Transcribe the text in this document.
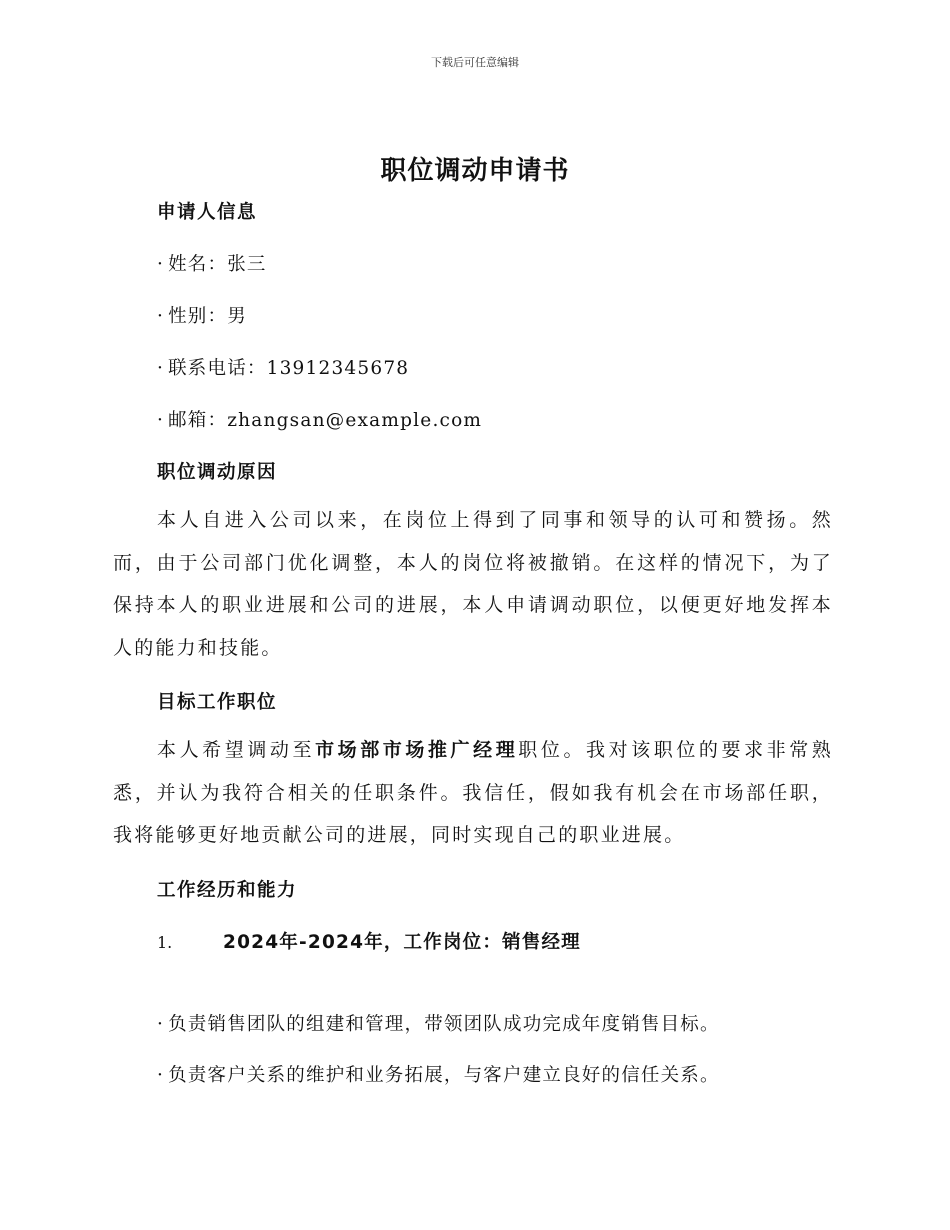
下载后可任意编辑
职位调动申请书
申请人信息

· 姓名：张三

· 性别：男

· 联系电话：13912345678

· 邮箱：zhangsan@example.com

职位调动原因

本人自进入公司以来，在岗位上得到了同事和领导的认可和赞扬。然而，由于公司部门优化调整，本人的岗位将被撤销。在这样的情况下，为了保持本人的职业进展和公司的进展，本人申请调动职位，以便更好地发挥本人的能力和技能。

目标工作职位

本人希望调动至市场部市场推广经理职位。我对该职位的要求非常熟悉，并认为我符合相关的任职条件。我信任，假如我有机会在市场部任职，我将能够更好地贡献公司的进展，同时实现自己的职业进展。

工作经历和能力

1.	2024年-2024年，工作岗位：销售经理

· 负责销售团队的组建和管理，带领团队成功完成年度销售目标。

· 负责客户关系的维护和业务拓展，与客户建立良好的信任关系。
